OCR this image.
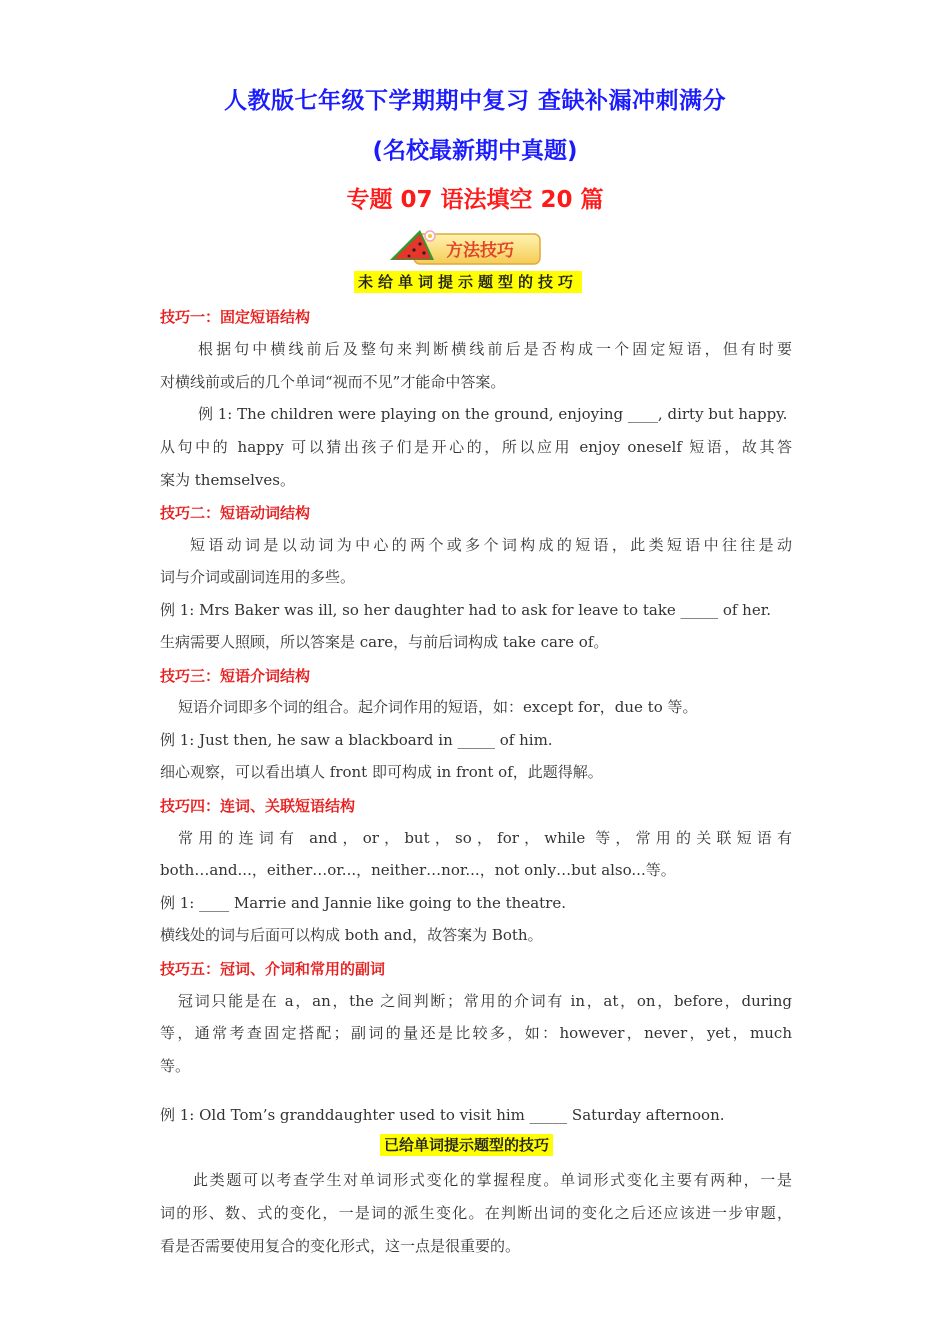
人教版七年级下学期期中复习 查缺补漏冲刺满分
(名校最新期中真题)
专题 07 语法填空 20 篇
方法技巧
未给单词提示题型的技巧
技巧一：固定短语结构
根据句中横线前后及整句来判断横线前后是否构成一个固定短语，但有时要
对横线前或后的几个单词“视而不见”才能命中答案。
例 1: The children were playing on the ground, enjoying ____, dirty but happy.
从句中的 happy 可以猜出孩子们是开心的，所以应用 enjoy oneself 短语，故其答
案为 themselves。
技巧二：短语动词结构
短语动词是以动词为中心的两个或多个词构成的短语，此类短语中往往是动
词与介词或副词连用的多些。
例 1: Mrs Baker was ill, so her daughter had to ask for leave to take _____ of her.
生病需要人照顾，所以答案是 care，与前后词构成 take care of。
技巧三：短语介词结构
短语介词即多个词的组合。起介词作用的短语，如：except for，due to 等。
例 1: Just then, he saw a blackboard in _____ of him.
细心观察，可以看出填人 front 即可构成 in front of，此题得解。
技巧四：连词、关联短语结构
常用的连词有 and，or，but，so，for，while 等，常用的关联短语有
both…and...，either…or...，neither…nor...，not only…but also...等。
例 1: ____ Marrie and Jannie like going to the theatre.
横线处的词与后面可以构成 both and，故答案为 Both。
技巧五：冠词、介词和常用的副词
冠词只能是在 a，an，the 之间判断；常用的介词有 in，at，on，before，during
等，通常考查固定搭配；副词的量还是比较多，如：however，never，yet，much
等。
例 1: Old Tom’s granddaughter used to visit him _____ Saturday afternoon.
已给单词提示题型的技巧
此类题可以考查学生对单词形式变化的掌握程度。单词形式变化主要有两种，一是
词的形、数、式的变化，一是词的派生变化。在判断出词的变化之后还应该进一步审题，
看是否需要使用复合的变化形式，这一点是很重要的。
